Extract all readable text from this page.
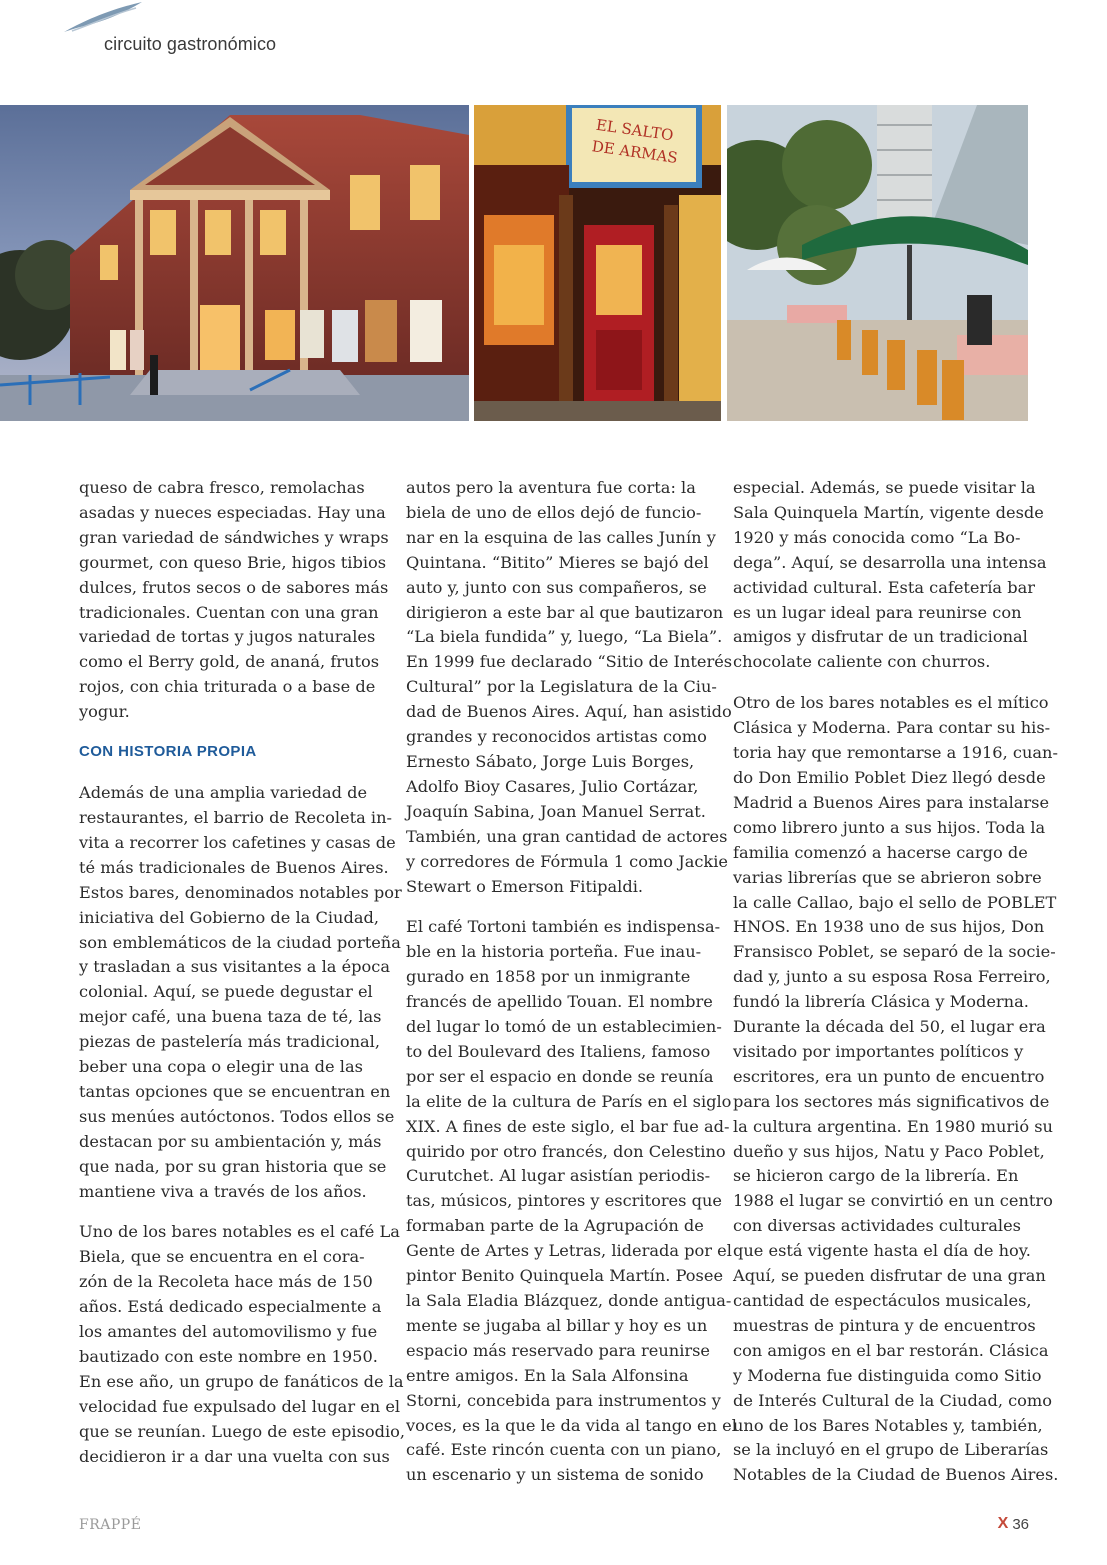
circuito gastronómico
EL SALTO
DE ARMAS

queso de cabra fresco, remolachas
asadas y nueces especiadas. Hay una
gran variedad de sándwiches y wraps
gourmet, con queso Brie, higos tibios
dulces, frutos secos o de sabores más
tradicionales. Cuentan con una gran
variedad de tortas y jugos naturales
como el Berry gold, de ananá, frutos
rojos, con chia triturada o a base de
yogur.

CON HISTORIA PROPIA

Además de una amplia variedad de
restaurantes, el barrio de Recoleta in-
vita a recorrer los cafetines y casas de
té más tradicionales de Buenos Aires.
Estos bares, denominados notables por
iniciativa del Gobierno de la Ciudad,
son emblemáticos de la ciudad porteña
y trasladan a sus visitantes a la época
colonial. Aquí, se puede degustar el
mejor café, una buena taza de té, las
piezas de pastelería más tradicional,
beber una copa o elegir una de las
tantas opciones que se encuentran en
sus menúes autóctonos. Todos ellos se
destacan por su ambientación y, más
que nada, por su gran historia que se
mantiene viva a través de los años.

Uno de los bares notables es el café La
Biela, que se encuentra en el cora-
zón de la Recoleta hace más de 150
años. Está dedicado especialmente a
los amantes del automovilismo y fue
bautizado con este nombre en 1950.
En ese año, un grupo de fanáticos de la
velocidad fue expulsado del lugar en el
que se reunían. Luego de este episodio,
decidieron ir a dar una vuelta con sus

autos pero la aventura fue corta: la
biela de uno de ellos dejó de funcio-
nar en la esquina de las calles Junín y
Quintana. “Bitito” Mieres se bajó del
auto y, junto con sus compañeros, se
dirigieron a este bar al que bautizaron
“La biela fundida” y, luego, “La Biela”.
En 1999 fue declarado “Sitio de Interés
Cultural” por la Legislatura de la Ciu-
dad de Buenos Aires. Aquí, han asistido
grandes y reconocidos artistas como
Ernesto Sábato, Jorge Luis Borges,
Adolfo Bioy Casares, Julio Cortázar,
Joaquín Sabina, Joan Manuel Serrat.
También, una gran cantidad de actores
y corredores de Fórmula 1 como Jackie
Stewart o Emerson Fitipaldi.

El café Tortoni también es indispensa-
ble en la historia porteña. Fue inau-
gurado en 1858 por un inmigrante
francés de apellido Touan. El nombre
del lugar lo tomó de un establecimien-
to del Boulevard des Italiens, famoso
por ser el espacio en donde se reunía
la elite de la cultura de París en el siglo
XIX. A fines de este siglo, el bar fue ad-
quirido por otro francés, don Celestino
Curutchet. Al lugar asistían periodis-
tas, músicos, pintores y escritores que
formaban parte de la Agrupación de
Gente de Artes y Letras, liderada por el
pintor Benito Quinquela Martín. Posee
la Sala Eladia Blázquez, donde antigua-
mente se jugaba al billar y hoy es un
espacio más reservado para reunirse
entre amigos. En la Sala Alfonsina
Storni, concebida para instrumentos y
voces, es la que le da vida al tango en el
café. Este rincón cuenta con un piano,
un escenario y un sistema de sonido

especial. Además, se puede visitar la
Sala Quinquela Martín, vigente desde
1920 y más conocida como “La Bo-
dega”. Aquí, se desarrolla una intensa
actividad cultural. Esta cafetería bar
es un lugar ideal para reunirse con
amigos y disfrutar de un tradicional
chocolate caliente con churros.

Otro de los bares notables es el mítico
Clásica y Moderna. Para contar su his-
toria hay que remontarse a 1916, cuan-
do Don Emilio Poblet Diez llegó desde
Madrid a Buenos Aires para instalarse
como librero junto a sus hijos. Toda la
familia comenzó a hacerse cargo de
varias librerías que se abrieron sobre
la calle Callao, bajo el sello de POBLET
HNOS. En 1938 uno de sus hijos, Don
Fransisco Poblet, se separó de la socie-
dad y, junto a su esposa Rosa Ferreiro,
fundó la librería Clásica y Moderna.
Durante la década del 50, el lugar era
visitado por importantes políticos y
escritores, era un punto de encuentro
para los sectores más significativos de
la cultura argentina. En 1980 murió su
dueño y sus hijos, Natu y Paco Poblet,
se hicieron cargo de la librería. En
1988 el lugar se convirtió en un centro
con diversas actividades culturales
que está vigente hasta el día de hoy.
Aquí, se pueden disfrutar de una gran
cantidad de espectáculos musicales,
muestras de pintura y de encuentros
con amigos en el bar restorán. Clásica
y Moderna fue distinguida como Sitio
de Interés Cultural de la Ciudad, como
uno de los Bares Notables y, también,
se la incluyó en el grupo de Liberarías
Notables de la Ciudad de Buenos Aires.

FRAPPÉ	X 36
